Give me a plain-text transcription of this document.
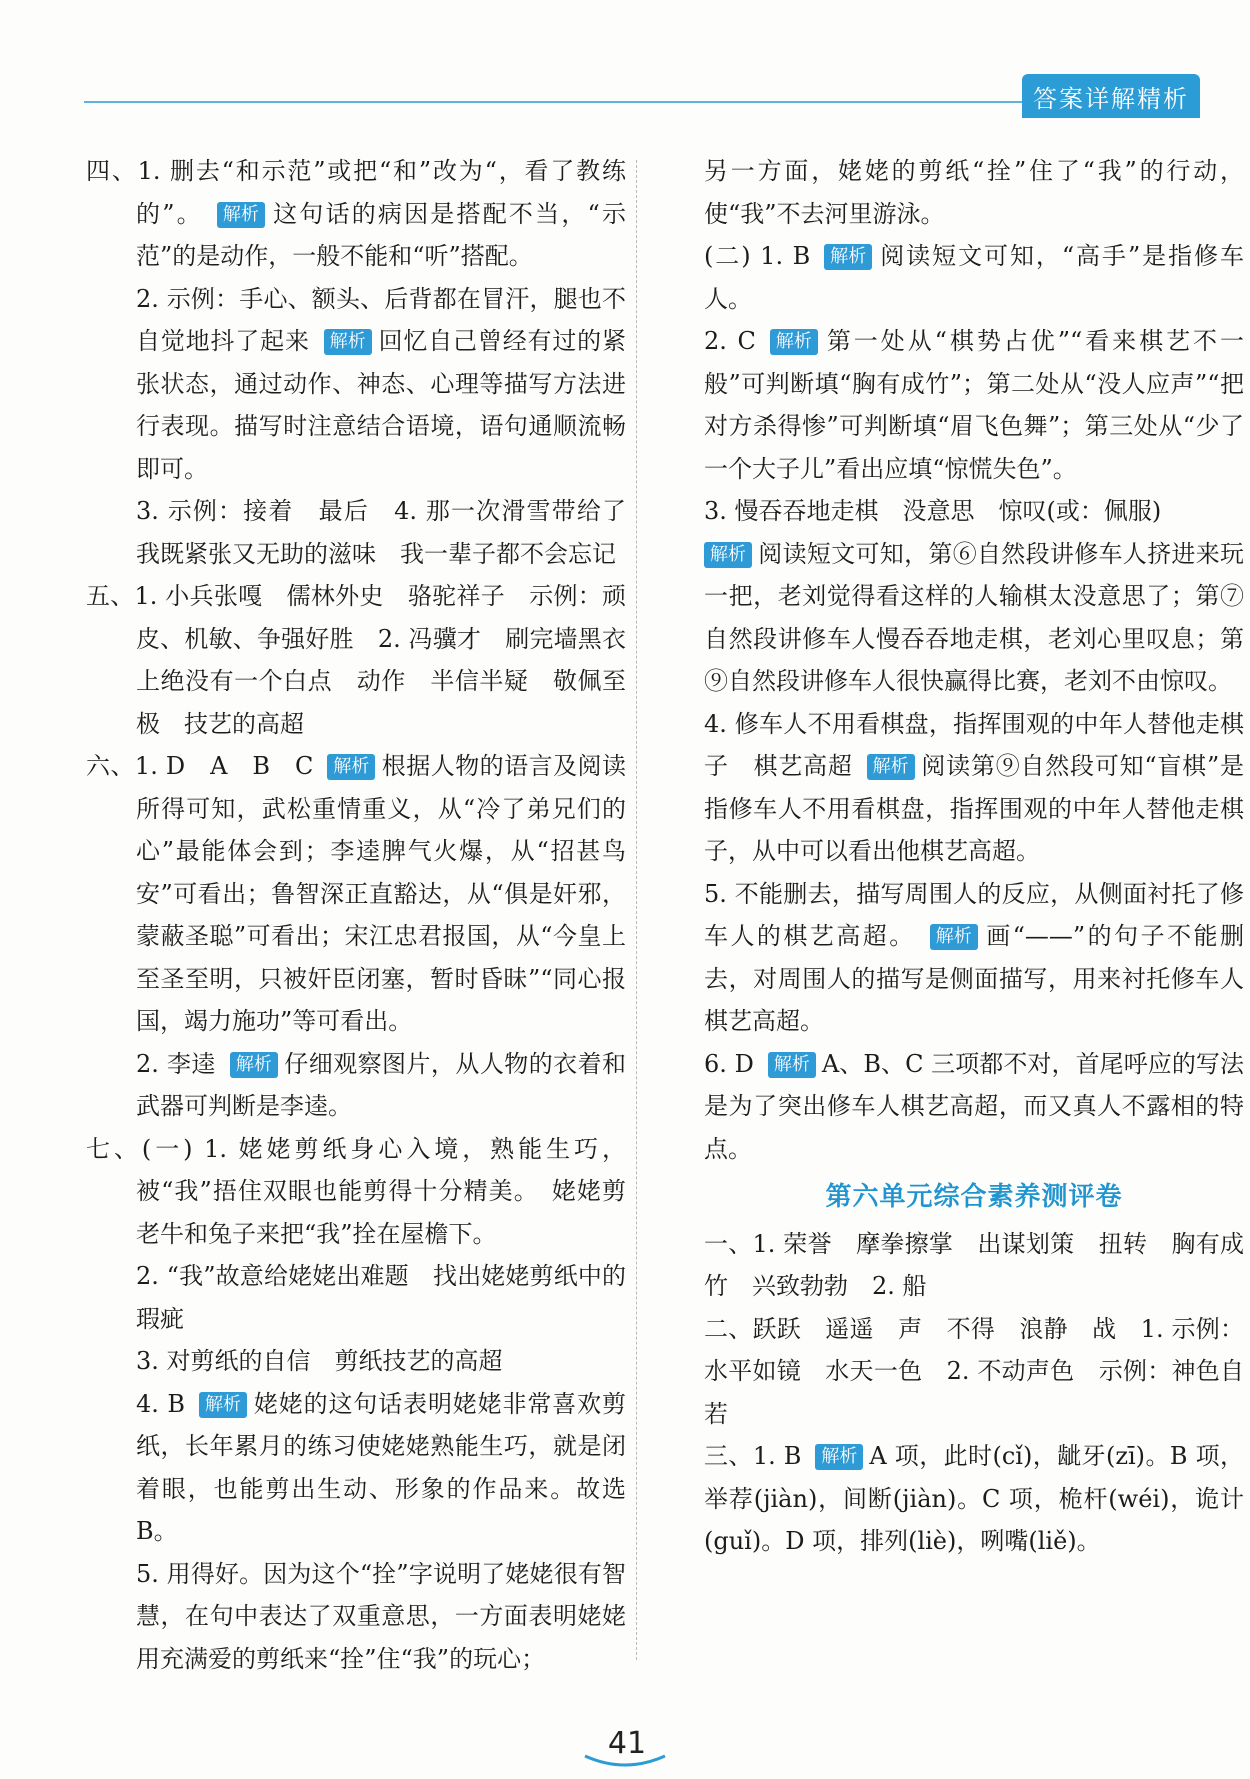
答案详解精析

四、1. 删去“和示范”或把“和”改为“，看了教练的”。 解析 这句话的病因是搭配不当，“示范”的是动作，一般不能和“听”搭配。

2. 示例：手心、额头、后背都在冒汗，腿也不自觉地抖了起来 解析 回忆自己曾经有过的紧张状态，通过动作、神态、心理等描写方法进行表现。描写时注意结合语境，语句通顺流畅即可。

3. 示例：接着　最后　4. 那一次滑雪带给了我既紧张又无助的滋味　我一辈子都不会忘记

五、1. 小兵张嘎　儒林外史　骆驼祥子　示例：顽皮、机敏、争强好胜　2. 冯骥才　刷完墙黑衣上绝没有一个白点　动作　半信半疑　敬佩至极　技艺的高超

六、1. D　A　B　C 解析 根据人物的语言及阅读所得可知，武松重情重义，从“冷了弟兄们的心”最能体会到；李逵脾气火爆，从“招甚鸟安”可看出；鲁智深正直豁达，从“俱是奸邪，蒙蔽圣聪”可看出；宋江忠君报国，从“今皇上至圣至明，只被奸臣闭塞，暂时昏昧”“同心报国，竭力施功”等可看出。

2. 李逵 解析 仔细观察图片，从人物的衣着和武器可判断是李逵。

七、(一) 1. 姥姥剪纸身心入境，熟能生巧，被“我”捂住双眼也能剪得十分精美。　姥姥剪老牛和兔子来把“我”拴在屋檐下。

2. “我”故意给姥姥出难题　找出姥姥剪纸中的瑕疵

3. 对剪纸的自信　剪纸技艺的高超

4. B 解析 姥姥的这句话表明姥姥非常喜欢剪纸，长年累月的练习使姥姥熟能生巧，就是闭着眼，也能剪出生动、形象的作品来。故选 B。

5. 用得好。因为这个“拴”字说明了姥姥很有智慧，在句中表达了双重意思，一方面表明姥姥用充满爱的剪纸来“拴”住“我”的玩心；

另一方面，姥姥的剪纸“拴”住了“我”的行动，使“我”不去河里游泳。

(二) 1. B 解析 阅读短文可知，“高手”是指修车人。

2. C 解析 第一处从“棋势占优”“看来棋艺不一般”可判断填“胸有成竹”；第二处从“没人应声”“把对方杀得惨”可判断填“眉飞色舞”；第三处从“少了一个大子儿”看出应填“惊慌失色”。

3. 慢吞吞地走棋　没意思　惊叹(或：佩服)

解析 阅读短文可知，第⑥自然段讲修车人挤进来玩一把，老刘觉得看这样的人输棋太没意思了；第⑦自然段讲修车人慢吞吞地走棋，老刘心里叹息；第⑨自然段讲修车人很快赢得比赛，老刘不由惊叹。

4. 修车人不用看棋盘，指挥围观的中年人替他走棋子　棋艺高超 解析 阅读第⑨自然段可知“盲棋”是指修车人不用看棋盘，指挥围观的中年人替他走棋子，从中可以看出他棋艺高超。

5. 不能删去，描写周围人的反应，从侧面衬托了修车人的棋艺高超。 解析 画“——”的句子不能删去，对周围人的描写是侧面描写，用来衬托修车人棋艺高超。

6. D 解析 A、B、C 三项都不对，首尾呼应的写法是为了突出修车人棋艺高超，而又真人不露相的特点。

第六单元综合素养测评卷

一、1. 荣誉　摩拳擦掌　出谋划策　扭转　胸有成竹　兴致勃勃　2. 船

二、跃跃　遥遥　声　不得　浪静　战　1. 示例：水平如镜　水天一色　2. 不动声色　示例：神色自若

三、1. B 解析 A 项，此时(cǐ)，龇牙(zī)。B 项，举荐(jiàn)，间断(jiàn)。C 项，桅杆(wéi)，诡计(guǐ)。D 项，排列(liè)，咧嘴(liě)。

41
